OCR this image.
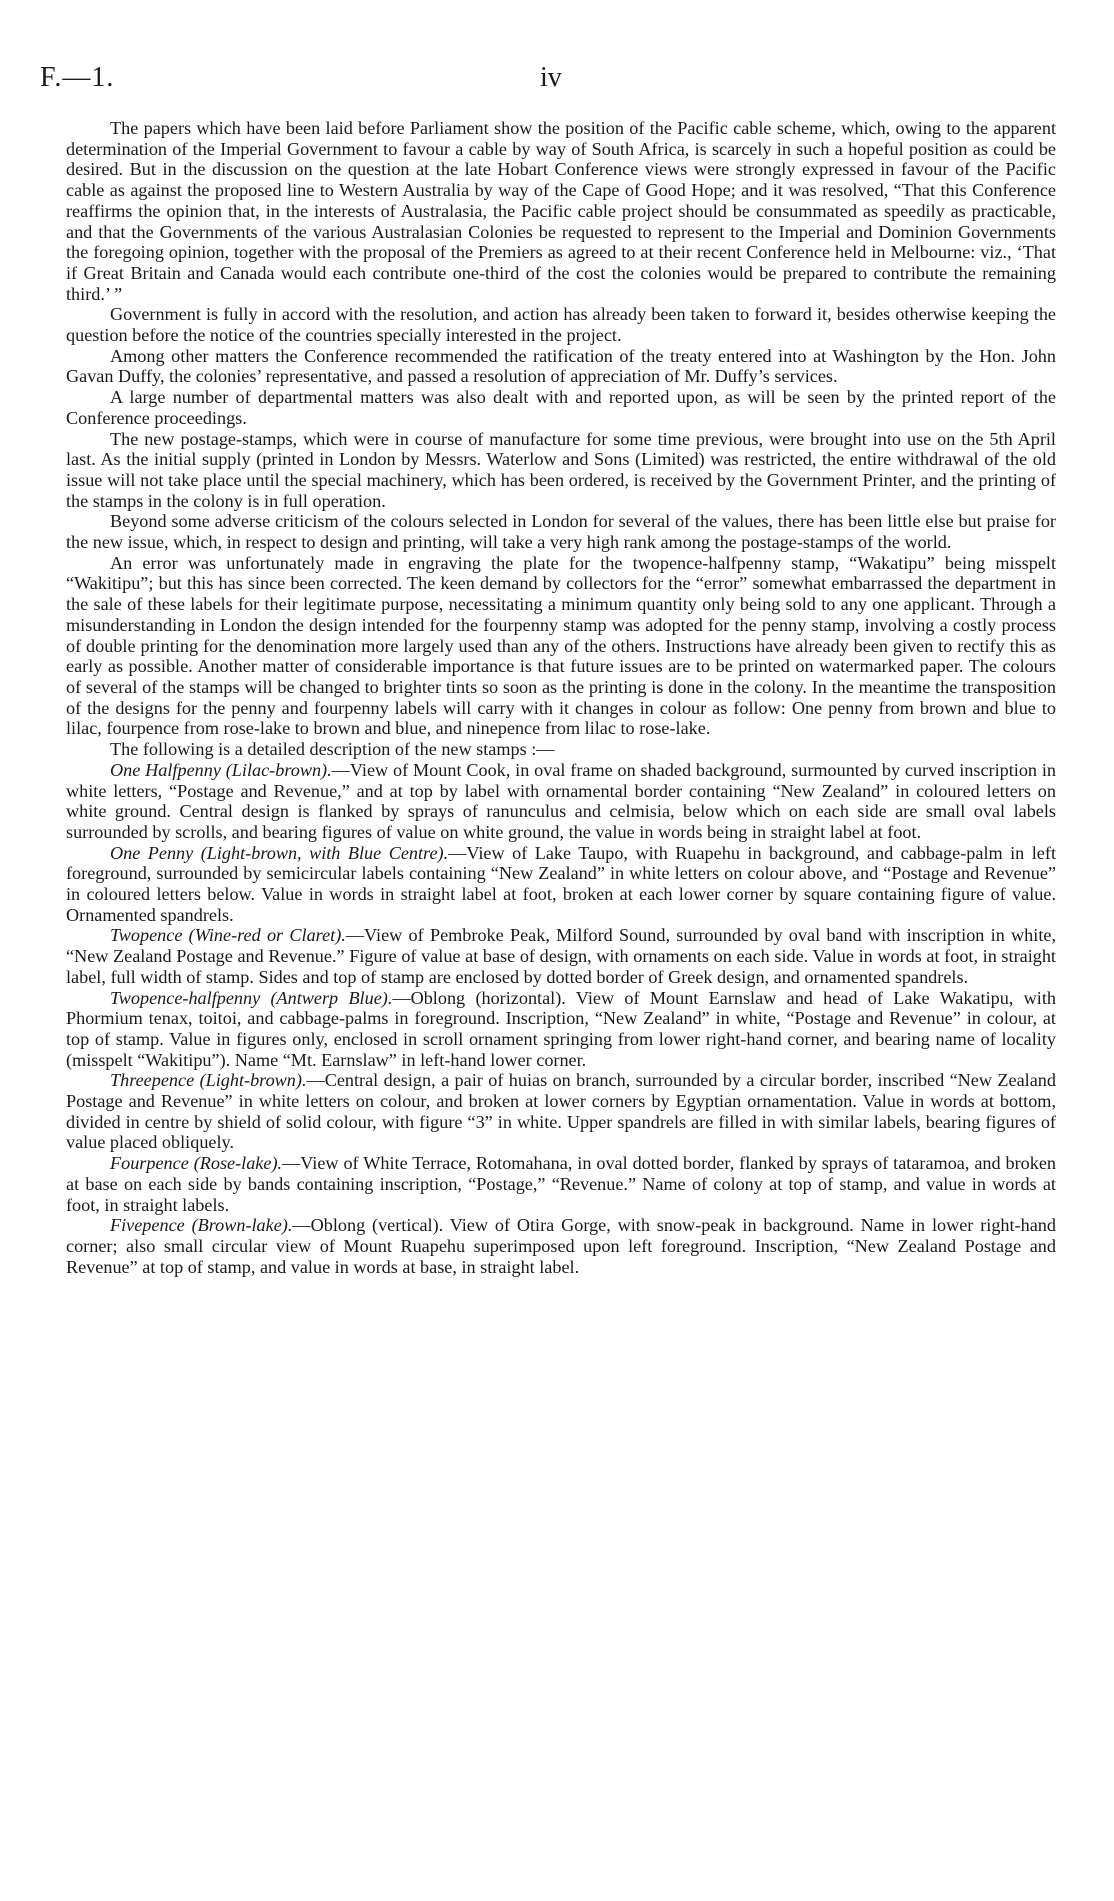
F.—1.	iv

The papers which have been laid before Parliament show the position of the Pacific cable scheme, which, owing to the apparent determination of the Imperial Government to favour a cable by way of South Africa, is scarcely in such a hopeful position as could be desired. But in the discussion on the question at the late Hobart Conference views were strongly expressed in favour of the Pacific cable as against the proposed line to Western Australia by way of the Cape of Good Hope; and it was resolved, “That this Conference reaffirms the opinion that, in the interests of Australasia, the Pacific cable project should be consummated as speedily as practicable, and that the Governments of the various Australasian Colonies be requested to represent to the Imperial and Dominion Governments the foregoing opinion, together with the proposal of the Premiers as agreed to at their recent Conference held in Melbourne: viz., ‘That if Great Britain and Canada would each contribute one-third of the cost the colonies would be prepared to contribute the remaining third.’ ”

Government is fully in accord with the resolution, and action has already been taken to forward it, besides otherwise keeping the question before the notice of the countries specially interested in the project.

Among other matters the Conference recommended the ratification of the treaty entered into at Washington by the Hon. John Gavan Duffy, the colonies’ representative, and passed a resolution of appreciation of Mr. Duffy’s services.

A large number of departmental matters was also dealt with and reported upon, as will be seen by the printed report of the Conference proceedings.

The new postage-stamps, which were in course of manufacture for some time previous, were brought into use on the 5th April last. As the initial supply (printed in London by Messrs. Waterlow and Sons (Limited) was restricted, the entire withdrawal of the old issue will not take place until the special machinery, which has been ordered, is received by the Government Printer, and the printing of the stamps in the colony is in full operation.

Beyond some adverse criticism of the colours selected in London for several of the values, there has been little else but praise for the new issue, which, in respect to design and printing, will take a very high rank among the postage-stamps of the world.

An error was unfortunately made in engraving the plate for the twopence-halfpenny stamp, “Wakatipu” being misspelt “Wakitipu”; but this has since been corrected. The keen demand by collectors for the “error” somewhat embarrassed the department in the sale of these labels for their legitimate purpose, necessitating a minimum quantity only being sold to any one applicant. Through a misunderstanding in London the design intended for the fourpenny stamp was adopted for the penny stamp, involving a costly process of double printing for the denomination more largely used than any of the others. Instructions have already been given to rectify this as early as possible. Another matter of considerable importance is that future issues are to be printed on watermarked paper. The colours of several of the stamps will be changed to brighter tints so soon as the printing is done in the colony. In the meantime the transposition of the designs for the penny and fourpenny labels will carry with it changes in colour as follow: One penny from brown and blue to lilac, fourpence from rose-lake to brown and blue, and ninepence from lilac to rose-lake.

The following is a detailed description of the new stamps :—

One Halfpenny (Lilac-brown).—View of Mount Cook, in oval frame on shaded background, surmounted by curved inscription in white letters, “Postage and Revenue,” and at top by label with ornamental border containing “New Zealand” in coloured letters on white ground. Central design is flanked by sprays of ranunculus and celmisia, below which on each side are small oval labels surrounded by scrolls, and bearing figures of value on white ground, the value in words being in straight label at foot.

One Penny (Light-brown, with Blue Centre).—View of Lake Taupo, with Ruapehu in background, and cabbage-palm in left foreground, surrounded by semicircular labels containing “New Zealand” in white letters on colour above, and “Postage and Revenue” in coloured letters below. Value in words in straight label at foot, broken at each lower corner by square containing figure of value. Ornamented spandrels.

Twopence (Wine-red or Claret).—View of Pembroke Peak, Milford Sound, surrounded by oval band with inscription in white, “New Zealand Postage and Revenue.” Figure of value at base of design, with ornaments on each side. Value in words at foot, in straight label, full width of stamp. Sides and top of stamp are enclosed by dotted border of Greek design, and ornamented spandrels.

Twopence-halfpenny (Antwerp Blue).—Oblong (horizontal). View of Mount Earnslaw and head of Lake Wakatipu, with Phormium tenax, toitoi, and cabbage-palms in foreground. Inscription, “New Zealand” in white, “Postage and Revenue” in colour, at top of stamp. Value in figures only, enclosed in scroll ornament springing from lower right-hand corner, and bearing name of locality (misspelt “Wakitipu”). Name “Mt. Earnslaw” in left-hand lower corner.

Threepence (Light-brown).—Central design, a pair of huias on branch, surrounded by a circular border, inscribed “New Zealand Postage and Revenue” in white letters on colour, and broken at lower corners by Egyptian ornamentation. Value in words at bottom, divided in centre by shield of solid colour, with figure “3” in white. Upper spandrels are filled in with similar labels, bearing figures of value placed obliquely.

Fourpence (Rose-lake).—View of White Terrace, Rotomahana, in oval dotted border, flanked by sprays of tataramoa, and broken at base on each side by bands containing inscription, “Postage,” “Revenue.” Name of colony at top of stamp, and value in words at foot, in straight labels.

Fivepence (Brown-lake).—Oblong (vertical). View of Otira Gorge, with snow-peak in background. Name in lower right-hand corner; also small circular view of Mount Ruapehu superimposed upon left foreground. Inscription, “New Zealand Postage and Revenue” at top of stamp, and value in words at base, in straight label.
